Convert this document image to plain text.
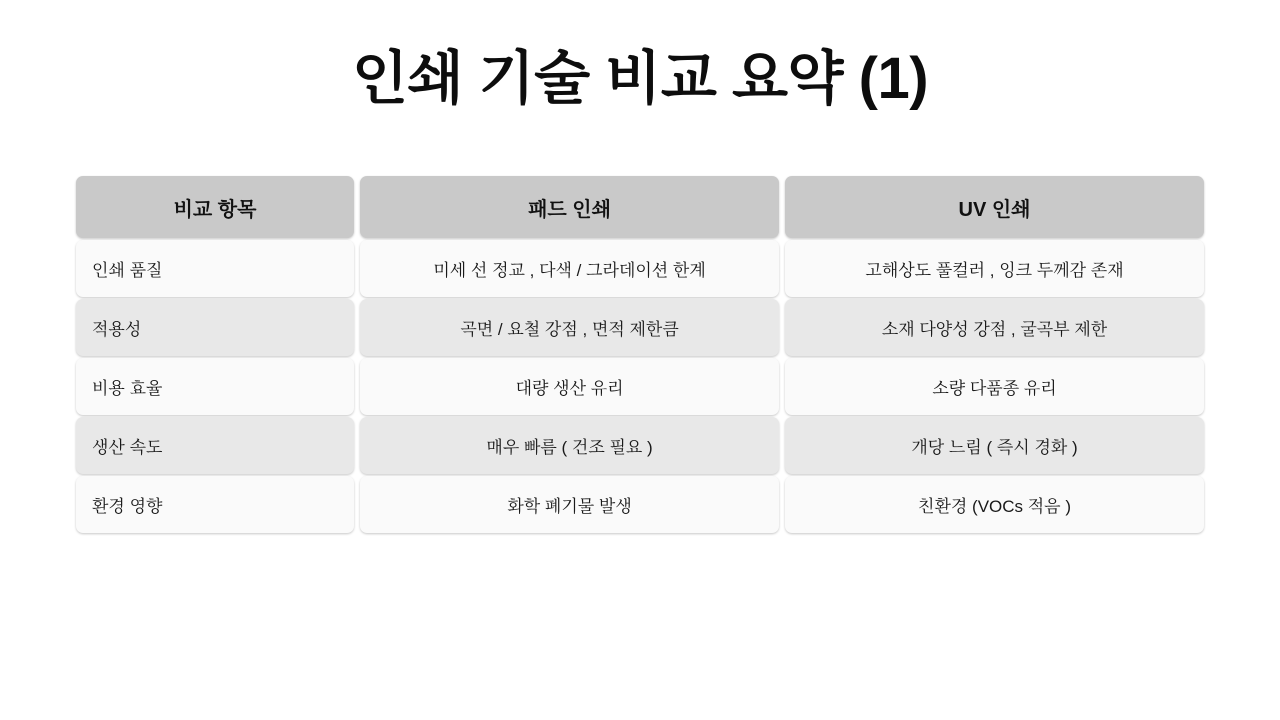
인쇄 기술 비교 요약 (1)
비교 항목	패드 인쇄	UV 인쇄
인쇄 품질	미세 선 정교 , 다색 / 그라데이션 한계	고해상도 풀컬러 , 잉크 두께감 존재
적용성	곡면 / 요철 강점 , 면적 제한큼	소재 다양성 강점 , 굴곡부 제한
비용 효율	대량 생산 유리	소량 다품종 유리
생산 속도	매우 빠름 ( 건조 필요 )	개당 느림 ( 즉시 경화 )
환경 영향	화학 폐기물 발생	친환경 (VOCs 적음 )
